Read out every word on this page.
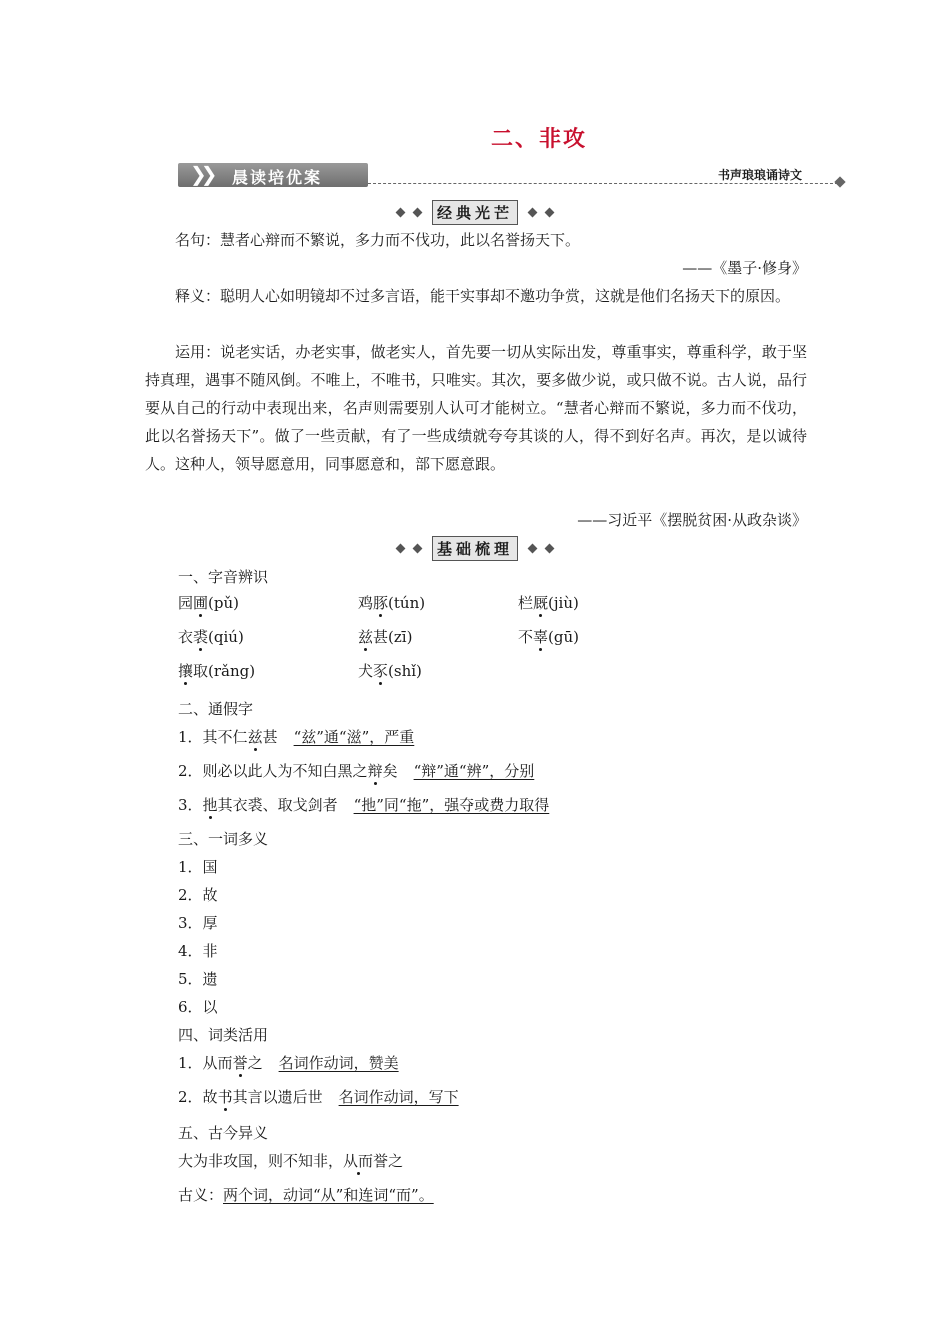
二、非攻
❯❯ 晨读培优案	书声琅琅诵诗文
经典光芒
名句：慧者心辩而不繁说，多力而不伐功，此以名誉扬天下。
——《墨子·修身》
释义：聪明人心如明镜却不过多言语，能干实事却不邀功争赏，这就是他们名扬天下的原因。
运用：说老实话，办老实事，做老实人，首先要一切从实际出发，尊重事实，尊重科学，敢于坚持真理，遇事不随风倒。不唯上，不唯书，只唯实。其次，要多做少说，或只做不说。古人说，品行要从自己的行动中表现出来，名声则需要别人认可才能树立。“慧者心辩而不繁说，多力而不伐功，此以名誉扬天下”。做了一些贡献，有了一些成绩就夸夸其谈的人，得不到好名声。再次，是以诚待人。这种人，领导愿意用，同事愿意和，部下愿意跟。
——习近平《摆脱贫困·从政杂谈》
基础梳理
一、字音辨识
园圃(pǔ)	鸡豚(tún)	栏厩(jiù)
衣裘(qiú)	兹甚(zī)	不辜(gū)
攘取(rǎng)	犬豕(shǐ)
二、通假字
1．其不仁兹甚 “兹”通“滋”，严重
2．则必以此人为不知白黑之辩矣 “辩”通“辨”，分别
3．扡其衣裘、取戈剑者 “扡”同“拖”，强夺或费力取得
三、一词多义
1．国
2．故
3．厚
4．非
5．遗
6．以
四、词类活用
1．从而誉之 名词作动词，赞美
2．故书其言以遗后世 名词作动词，写下
五、古今异义
大为非攻国，则不知非，从而誉之
古义：两个词，动词“从”和连词“而”。
